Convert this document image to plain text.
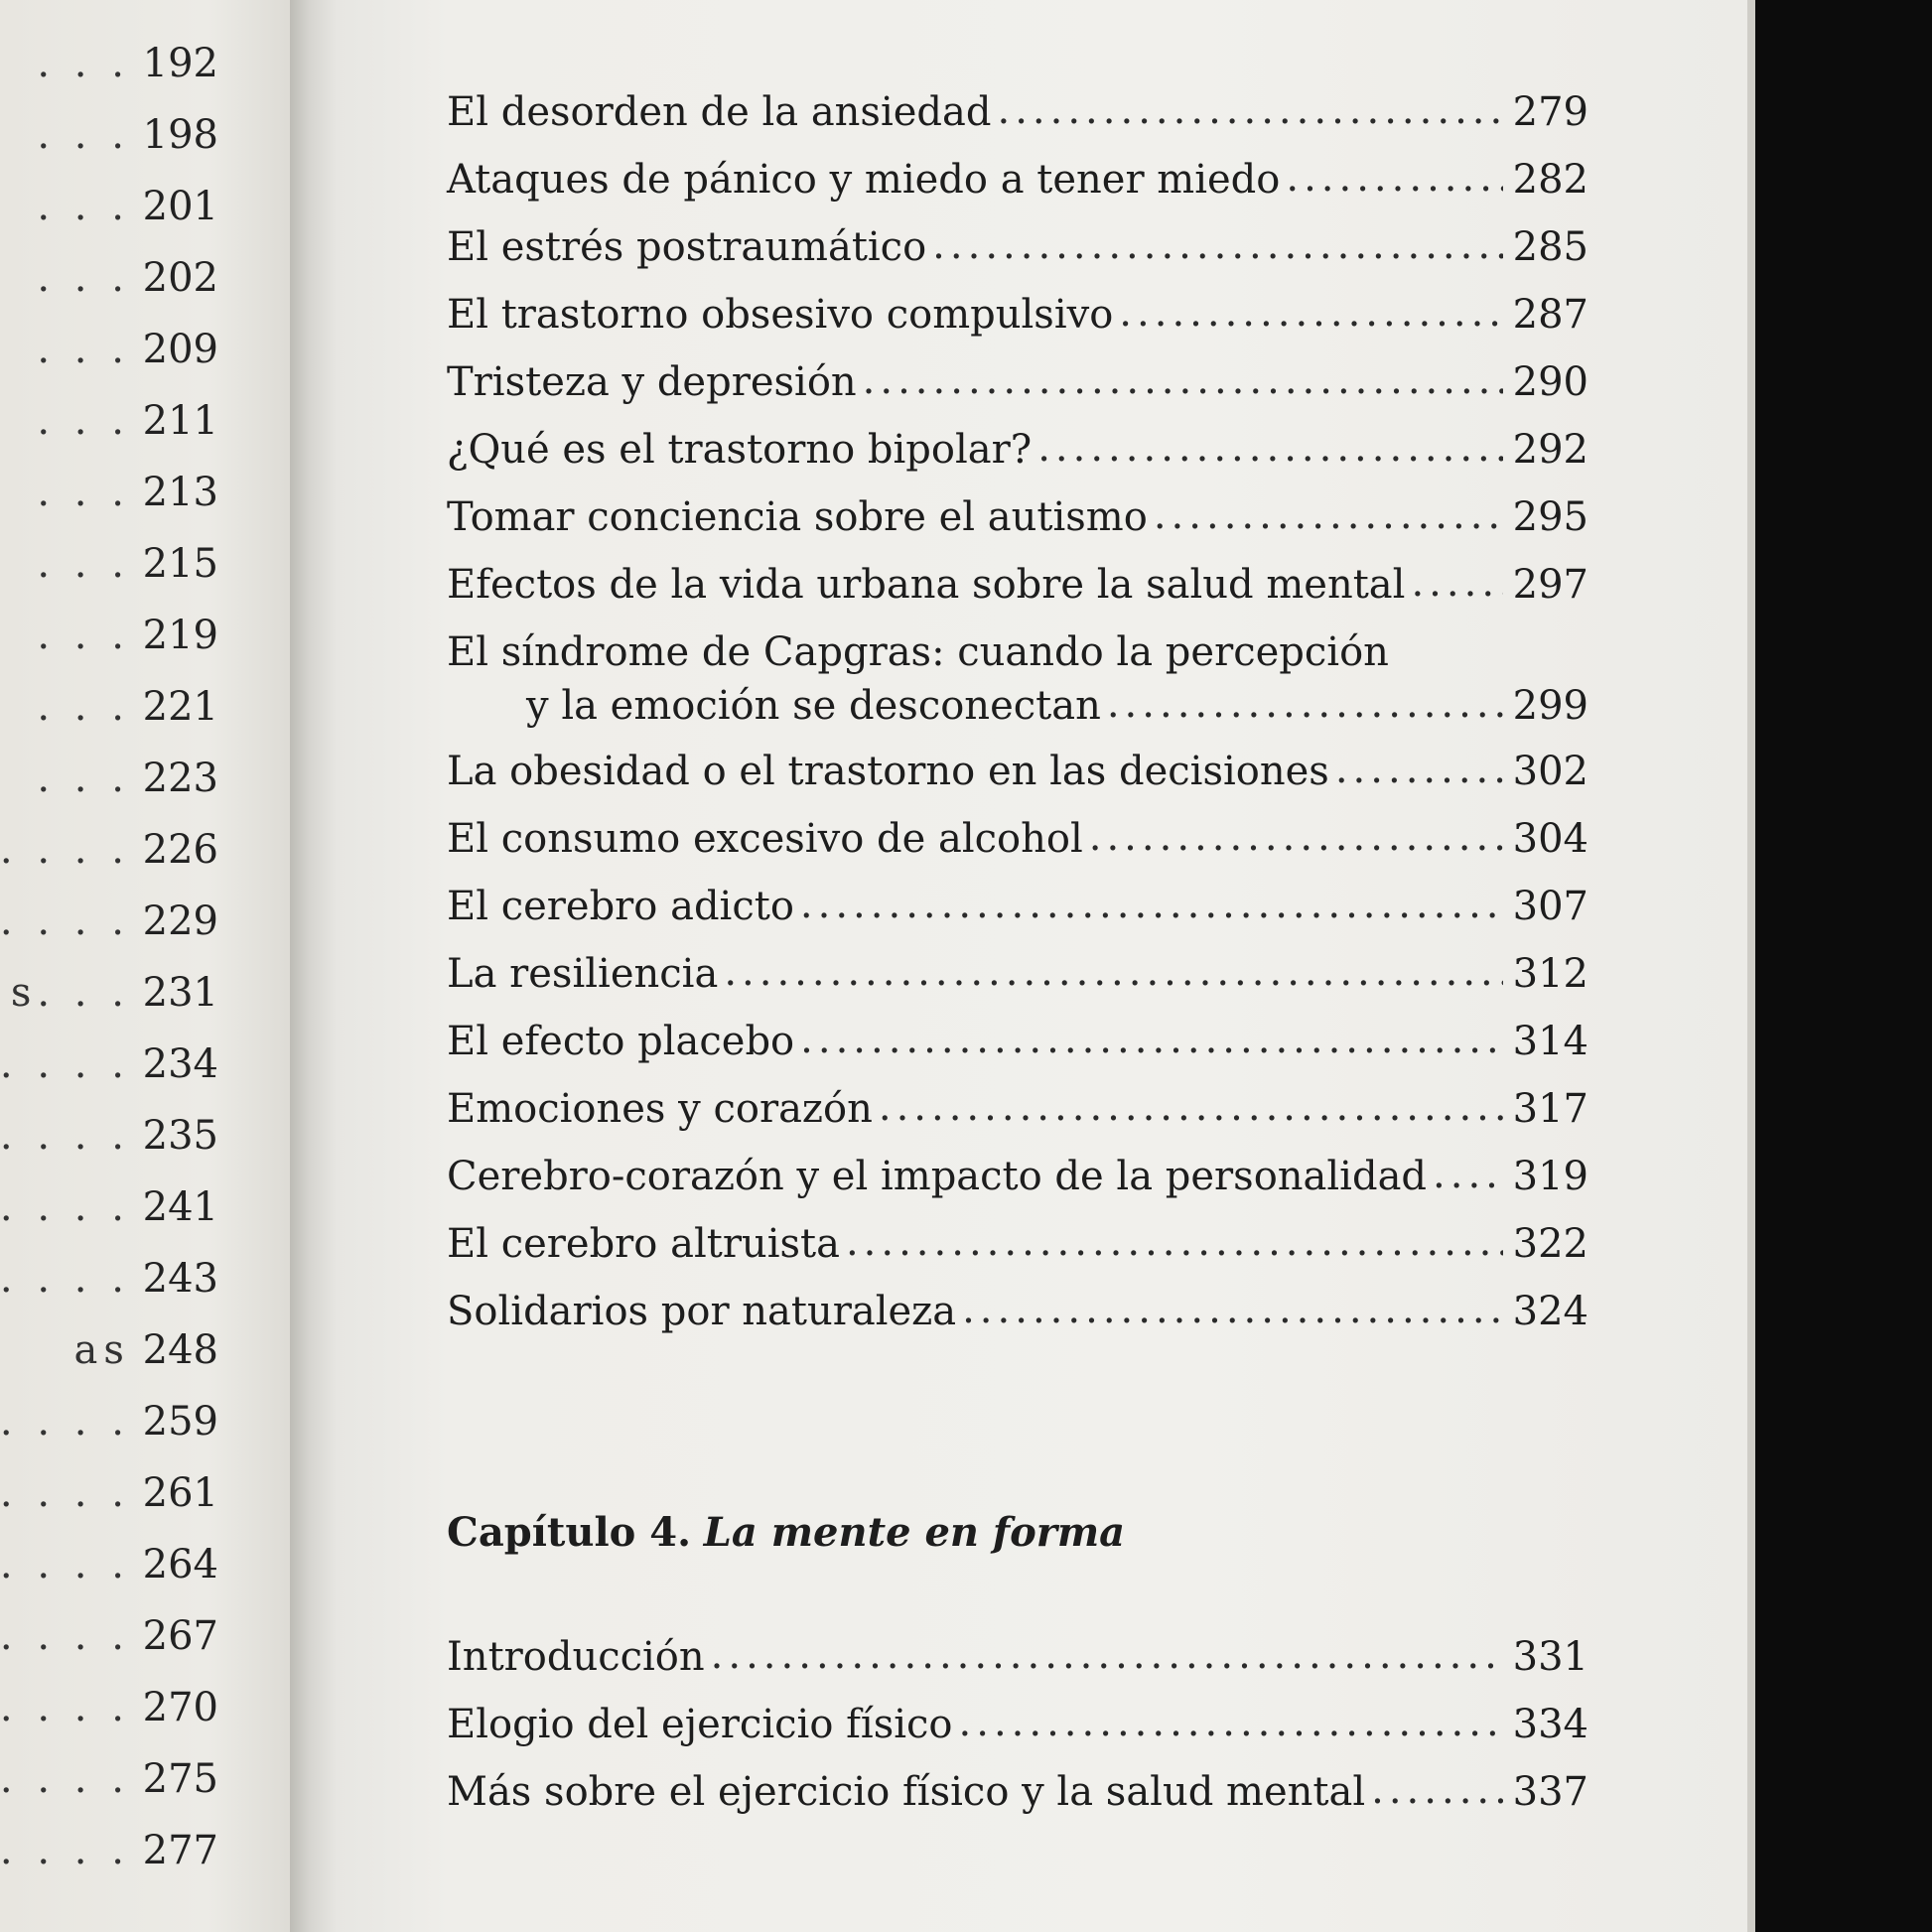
. . . 192
. . . 198
. . . 201
. . . 202
. . . 209
. . . 211
. . . 213
. . . 215
. . . 219
. . . 221
. . . 223
. . . . 226
. . . . 229
s. . . 231
. . . . 234
. . . . 235
. . . . 241
. . . . 243
as 248
. . . . 259
. . . . 261
. . . . 264
. . . . 267
. . . . 270
. . . . 275
. . . . 277
El desorden de la ansiedad .....	279
Ataques de pánico y miedo a tener miedo .....	282
El estrés postraumático .....	285
El trastorno obsesivo compulsivo .....	287
Tristeza y depresión .....	290
¿Qué es el trastorno bipolar? .....	292
Tomar conciencia sobre el autismo .....	295
Efectos de la vida urbana sobre la salud mental .....	297
El síndrome de Capgras: cuando la percepción
y la emoción se desconectan .....	299
La obesidad o el trastorno en las decisiones .....	302
El consumo excesivo de alcohol .....	304
El cerebro adicto .....	307
La resiliencia .....	312
El efecto placebo .....	314
Emociones y corazón .....	317
Cerebro-corazón y el impacto de la personalidad ..... 319
El cerebro altruista .....	322
Solidarios por naturaleza .....	324
Capítulo 4. La mente en forma
Introducción .....	331
Elogio del ejercicio físico .....	334
Más sobre el ejercicio físico y la salud mental .....	337
